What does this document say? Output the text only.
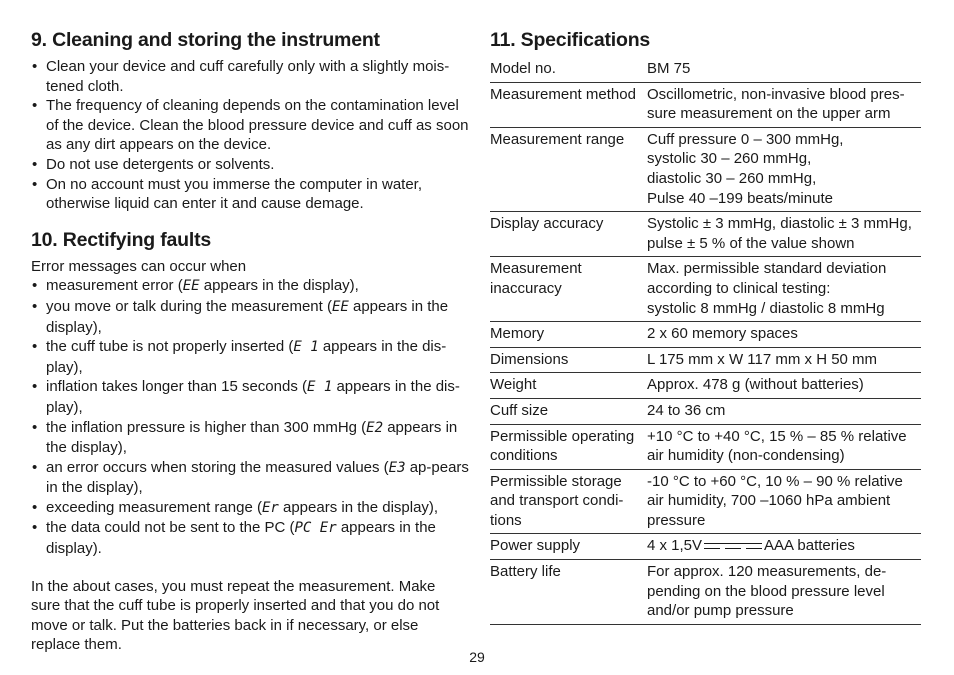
9. Cleaning and storing the instrument
• Clean your device and cuff carefully only with a slightly mois-tened cloth.
• The frequency of cleaning depends on the contamination level of the device. Clean the blood pressure device and cuff as soon as any dirt appears on the device.
• Do not use detergents or solvents.
• On no account must you immerse the computer in water, otherwise liquid can enter it and cause demage.
10. Rectifying faults
Error messages can occur when
• measurement error (EE appears in the display),
• you move or talk during the measurement (EE appears in the display),
• the cuff tube is not properly inserted (E 1 appears in the dis-play),
• inflation takes longer than 15 seconds (E 1 appears in the dis-play),
• the inflation pressure is higher than 300 mmHg (E2 appears in the display),
• an error occurs when storing the measured values (E3 ap-pears in the display),
• exceeding measurement range (Er appears in the display),
• the data could not be sent to the PC (PC Er appears in the display).
In the about cases, you must repeat the measurement. Make sure that the cuff tube is properly inserted and that you do not move or talk. Put the batteries back in if necessary, or else replace them.
11. Specifications
Model no.	BM 75
Measurement method	Oscillometric, non-invasive blood pres-sure measurement on the upper arm
Measurement range	Cuff pressure 0 – 300 mmHg,
systolic 30 – 260 mmHg,
diastolic 30 – 260 mmHg,
Pulse 40 –199 beats/minute
Display accuracy	Systolic ± 3 mmHg, diastolic ± 3 mmHg, pulse ± 5 % of the value shown
Measurement inaccuracy	Max. permissible standard deviation according to clinical testing:
systolic 8 mmHg / diastolic 8 mmHg
Memory	2 x 60 memory spaces
Dimensions	L 175 mm x W 117 mm x H 50 mm
Weight	Approx. 478 g (without batteries)
Cuff size	24 to 36 cm
Permissible operating conditions	+10 °C to +40 °C, 15 % – 85 % relative air humidity (non-condensing)
Permissible storage and transport condi-tions	-10 °C to +60 °C, 10 % – 90 % relative air humidity, 700 –1060 hPa ambient pressure
Power supply	4 x 1,5V AAA batteries
Battery life	For approx. 120 measurements, de-pending on the blood pressure level and/or pump pressure
29
